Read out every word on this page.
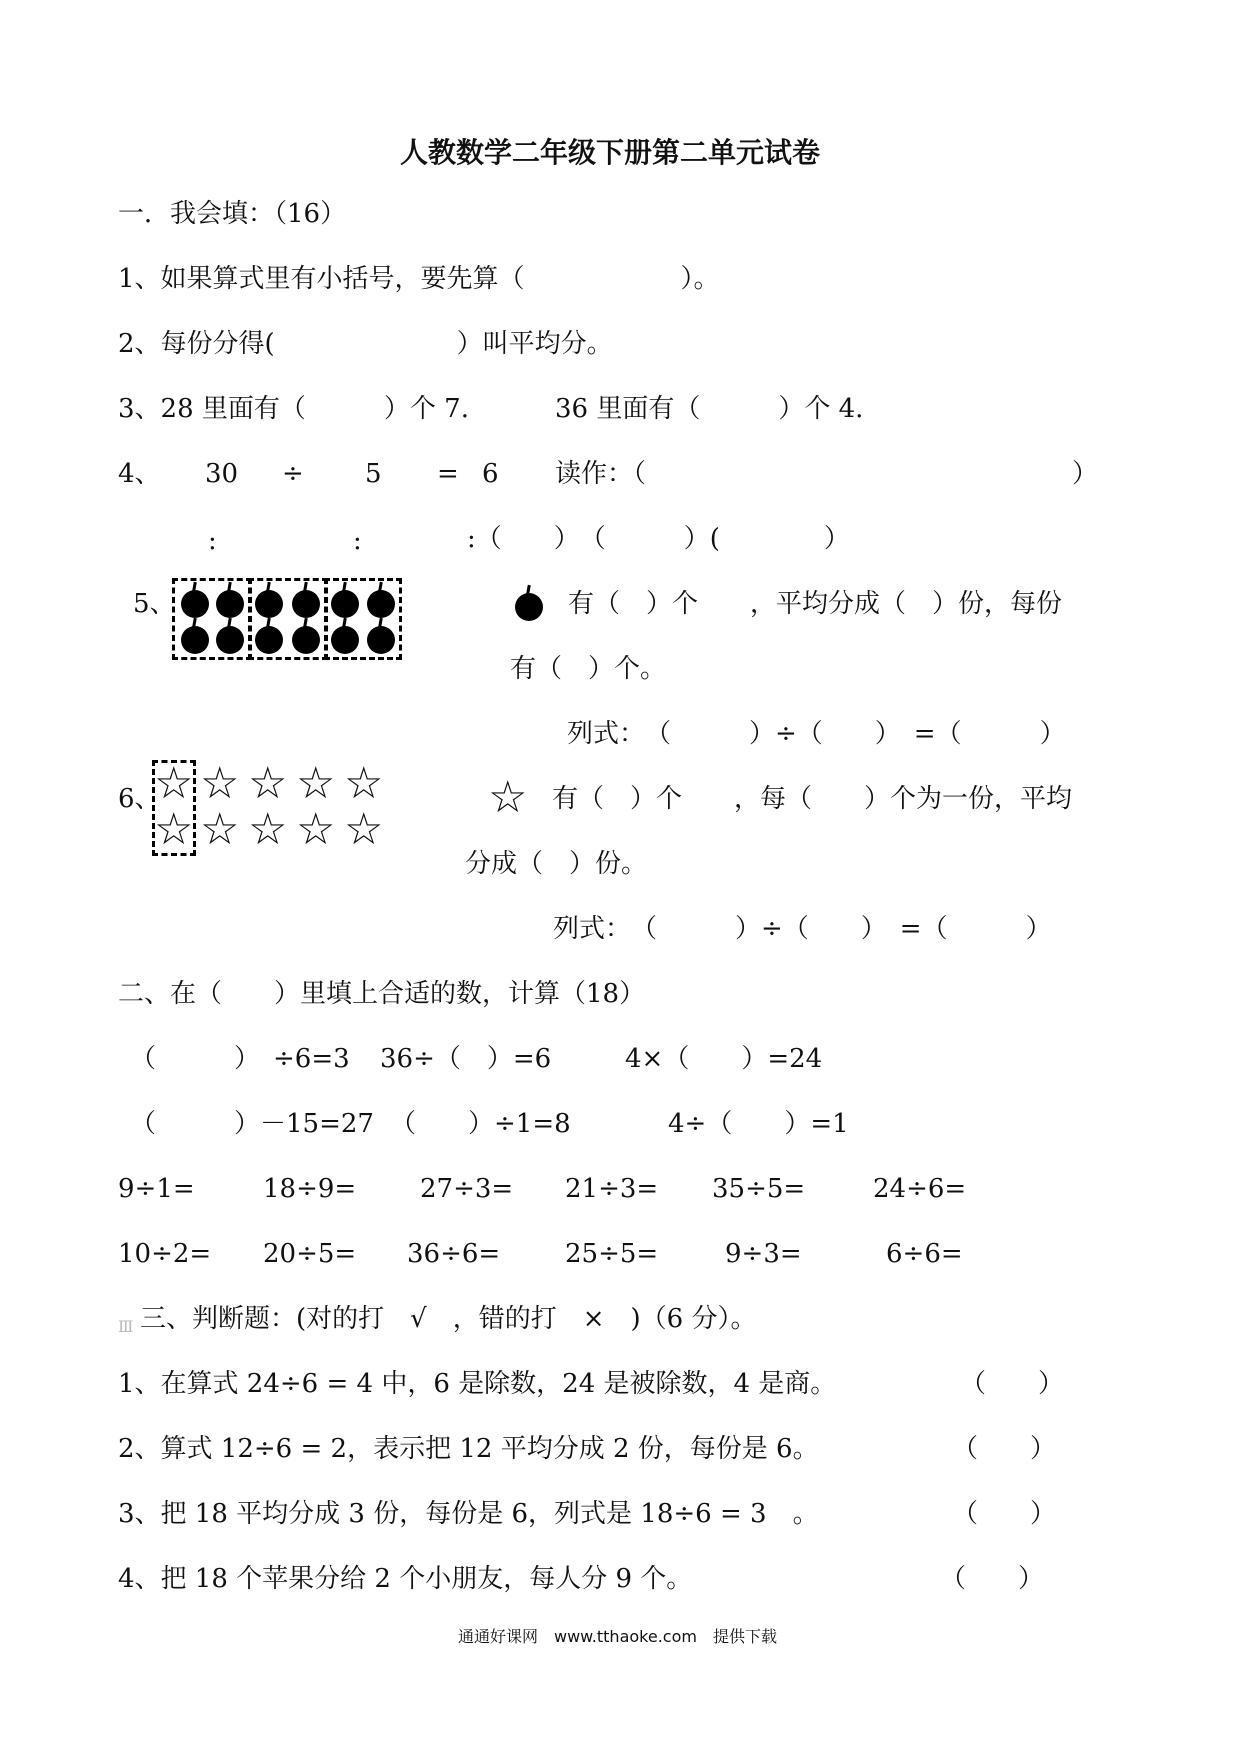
人教数学二年级下册第二单元试卷
一．我会填：（16）
1、如果算式里有小括号，要先算（　　　　　　）。
2、每份分得(　　　　　　　）叫平均分。
3、28 里面有（　　　）个 7.	36 里面有（　　　）个 4.
4、 30 ÷ 5 = 6 读作：（	）
:	:	:（　　）　（　　　）(　　　　）
5、	有（　）个　　，平均分成（　）份，每份
有（　）个。
列式：　（　　　）÷（　　）　=（　　　）
6、
☆ ☆ ☆ ☆ ☆
☆ ☆ ☆ ☆ ☆
☆ 有（　）个　　，每（　　）个为一份，平均
分成（　）份。
列式：　（　　　）÷（　　）　=（　　　）
二、在（　　）里填上合适的数，计算（18）
（　　　）　÷6=3 36÷（　）=6	4×（　　）=24
（　　　）－15=27 （　　）÷1=8	4÷（　　）=1
9÷1=	18÷9= 27÷3= 21÷3= 35÷5=	24÷6=
10÷2= 20÷5= 36÷6= 25÷5=	9÷3=	6÷6=
Ⅲ 三、判断题：(对的打　√　，错的打　×　)（6 分）。
1、在算式 24÷6 = 4 中，6 是除数，24 是被除数，4 是商。	（　　）
2、算式 12÷6 = 2，表示把 12 平均分成 2 份，每份是 6。	（　　）
3、把 18 平均分成 3 份，每份是 6，列式是 18÷6 = 3　。	（　　）
4、把 18 个苹果分给 2 个小朋友，每人分 9 个。	（　　）
通通好课网　www.tthaoke.com　提供下载
